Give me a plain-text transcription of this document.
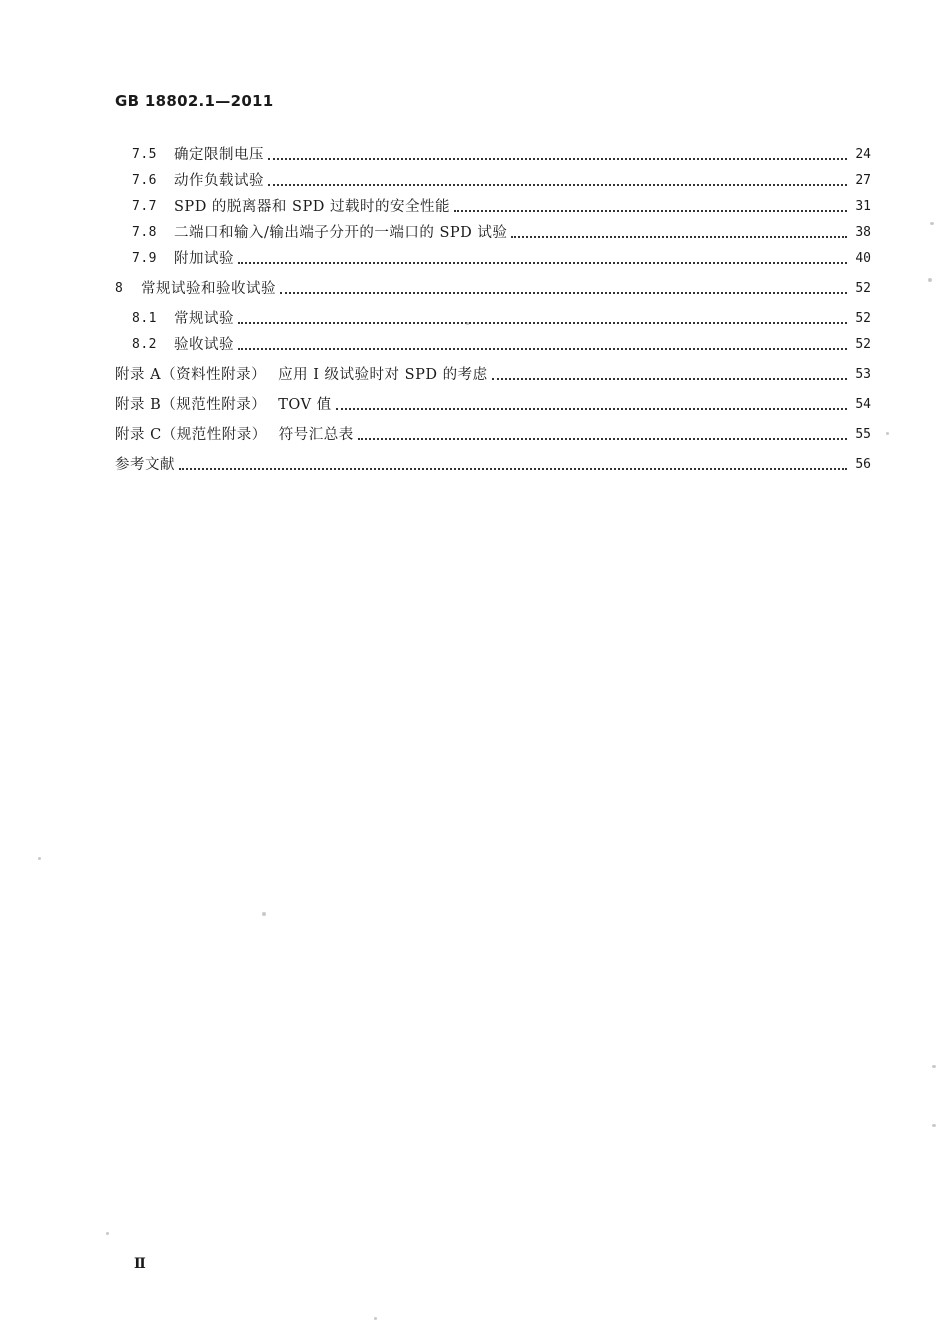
GB 18802.1—2011
7.5	确定限制电压	24
7.6	动作负载试验	27
7.7	SPD 的脱离器和 SPD 过载时的安全性能	31
7.8	二端口和输入/输出端子分开的一端口的 SPD 试验	38
7.9	附加试验	40
8	常规试验和验收试验	52
8.1	常规试验	52
8.2	验收试验	52
附录 A（资料性附录） 应用 I 级试验时对 SPD 的考虑	53
附录 B（规范性附录） TOV 值	54
附录 C（规范性附录） 符号汇总表	55
参考文献	56
Ⅱ
